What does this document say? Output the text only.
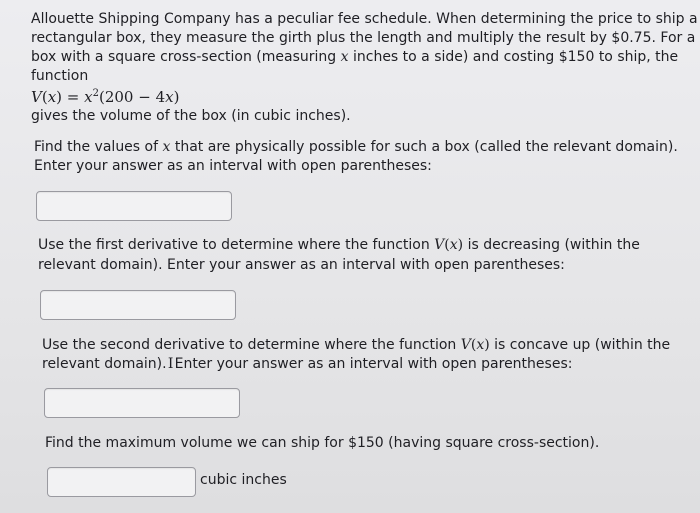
Allouette Shipping Company has a peculiar fee schedule. When determining the price to ship a

rectangular box, they measure the girth plus the length and multiply the result by $0.75. For a

box with a square cross-section (measuring x inches to a side) and costing $150 to ship, the

function

$V(x) = x^2(200 - 4x)$

gives the volume of the box (in cubic inches).

Find the values of x that are physically possible for such a box (called the relevant domain).

Enter your answer as an interval with open parentheses:

Use the first derivative to determine where the function V(x) is decreasing (within the

relevant domain). Enter your answer as an interval with open parentheses:

Use the second derivative to determine where the function V(x) is concave up (within the

relevant domain).IEnter your answer as an interval with open parentheses:

Find the maximum volume we can ship for $150 (having square cross-section).

cubic inches
